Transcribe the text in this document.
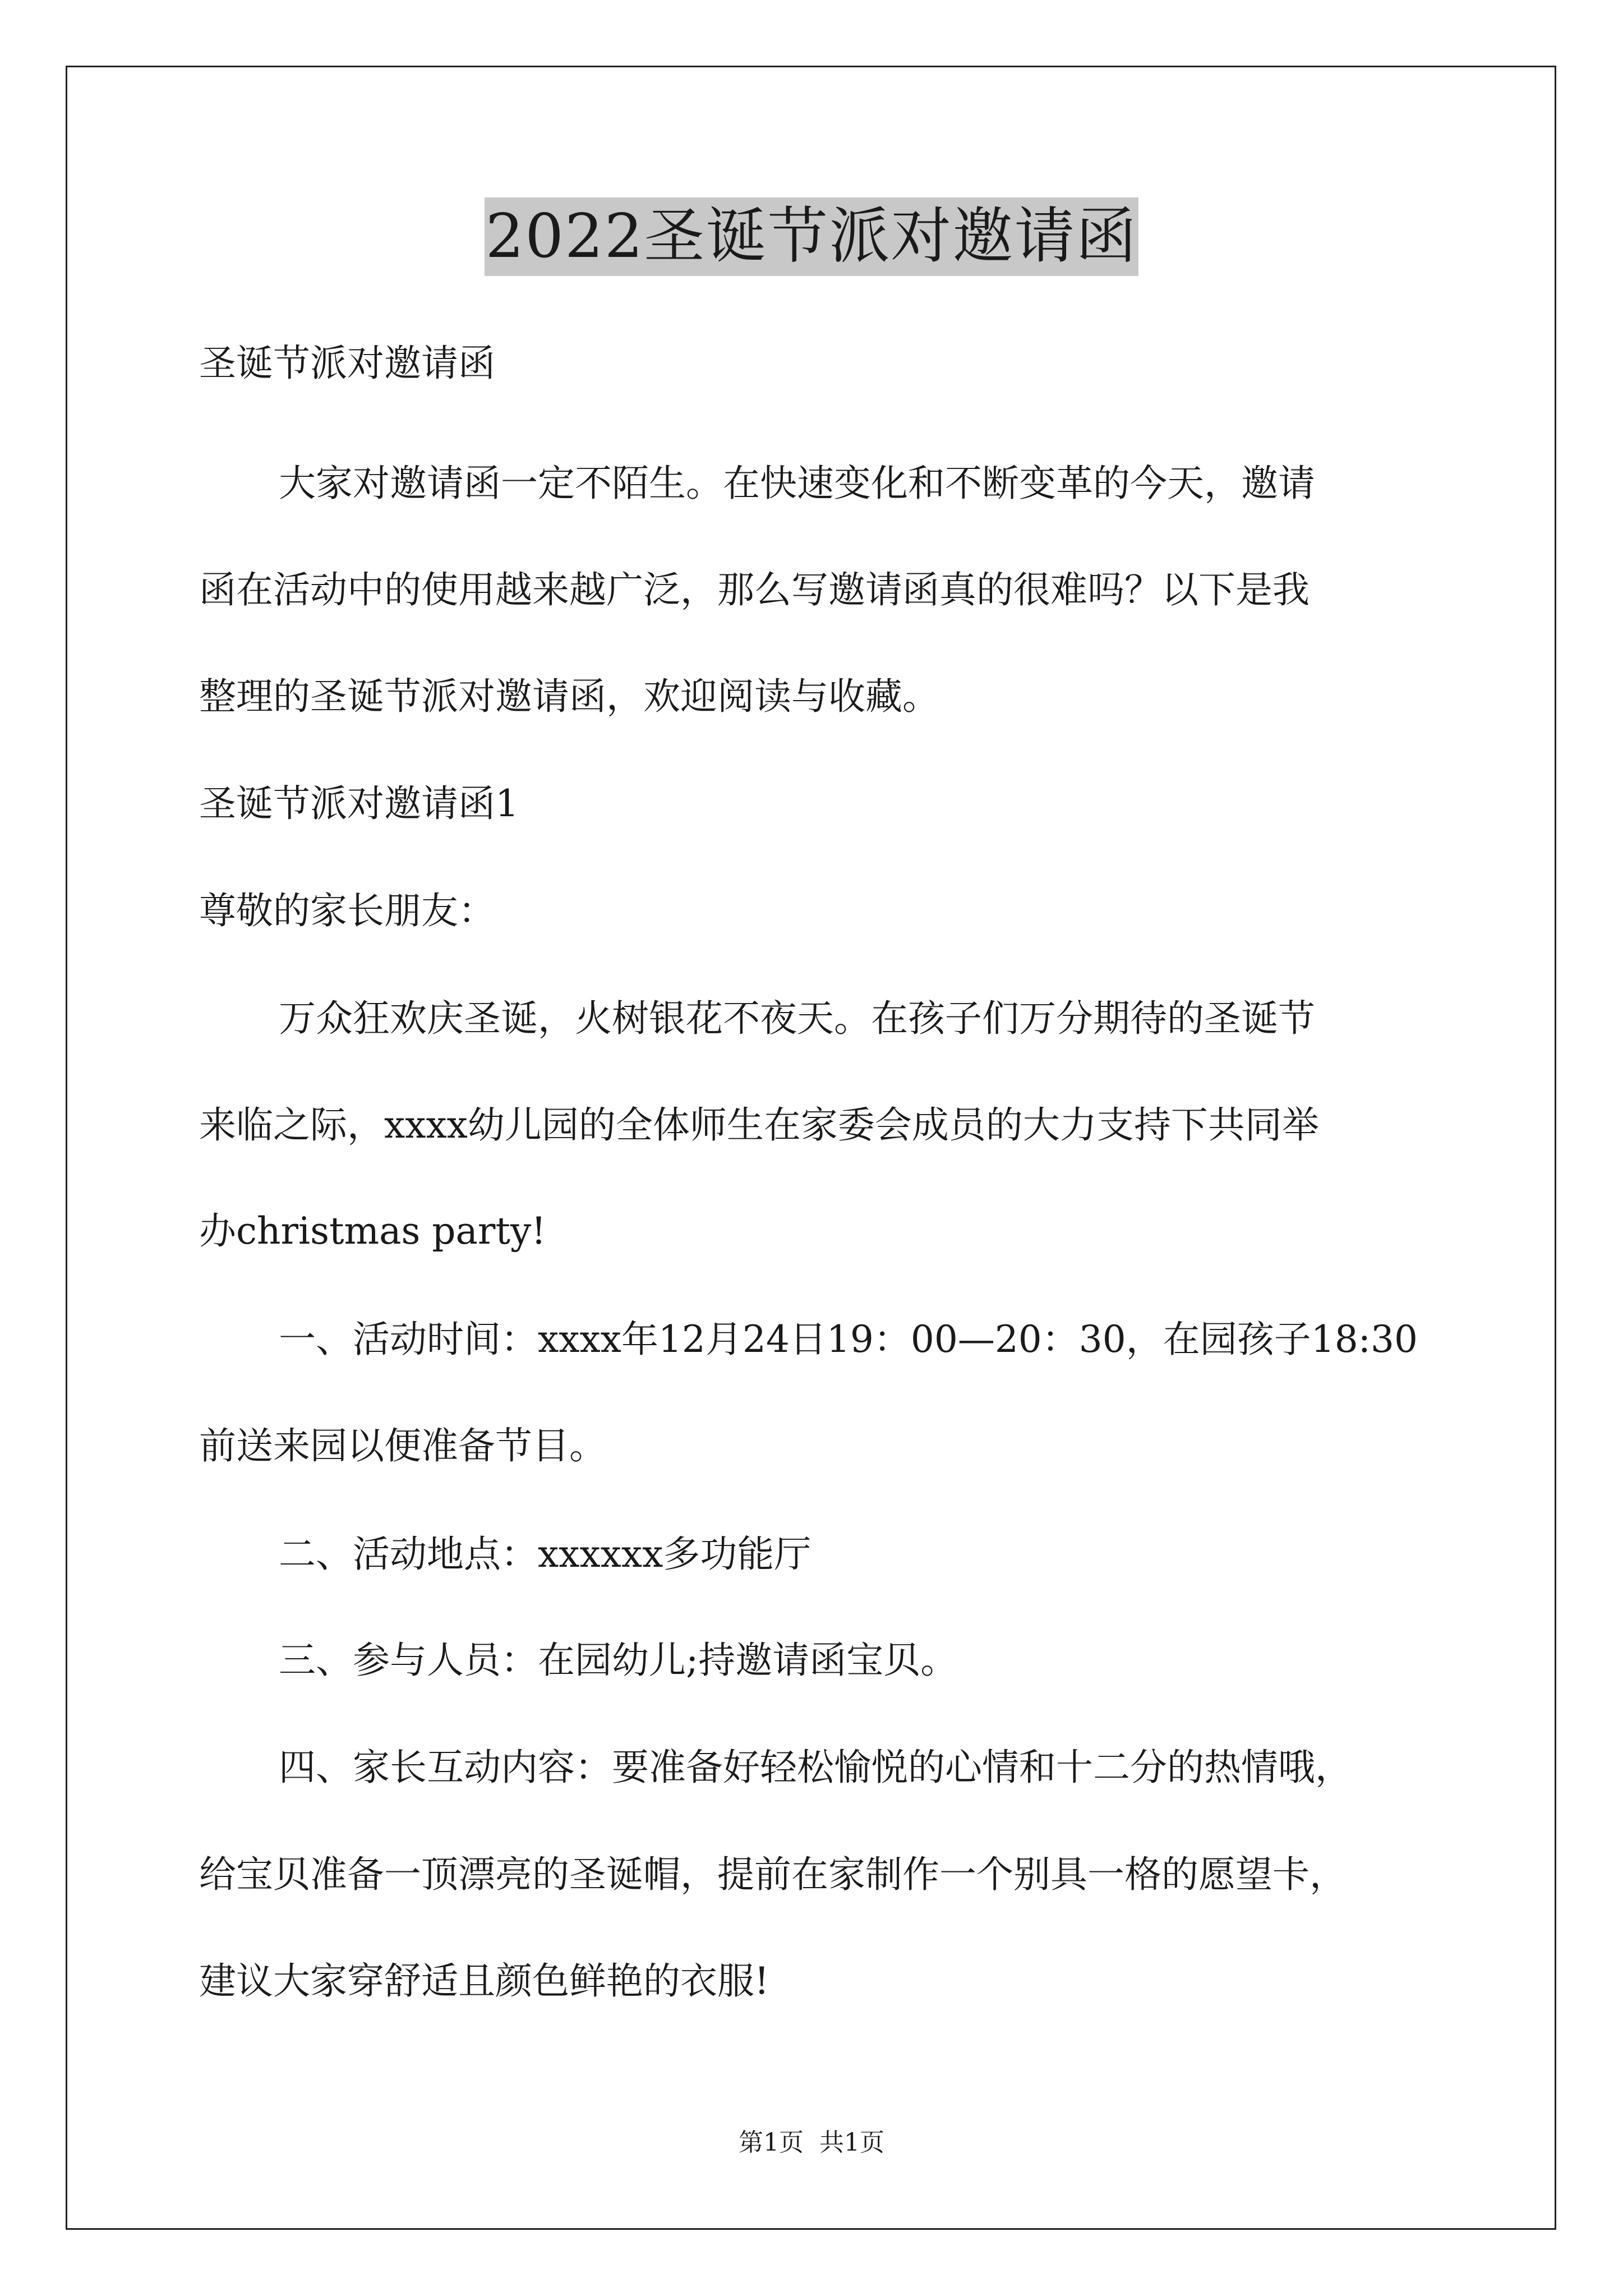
2022圣诞节派对邀请函
圣诞节派对邀请函
大家对邀请函一定不陌生。在快速变化和不断变革的今天，邀请
函在活动中的使用越来越广泛，那么写邀请函真的很难吗？以下是我
整理的圣诞节派对邀请函，欢迎阅读与收藏。
圣诞节派对邀请函1
尊敬的家长朋友：
万众狂欢庆圣诞，火树银花不夜天。在孩子们万分期待的圣诞节
来临之际，xxxx幼儿园的全体师生在家委会成员的大力支持下共同举
办christmas party!
一、活动时间：xxxx年12月24日19：00—20：30，在园孩子18:30
前送来园以便准备节目。
二、活动地点：xxxxxx多功能厅
三、参与人员：在园幼儿;持邀请函宝贝。
四、家长互动内容：要准备好轻松愉悦的心情和十二分的热情哦，
给宝贝准备一顶漂亮的圣诞帽，提前在家制作一个别具一格的愿望卡，
建议大家穿舒适且颜色鲜艳的衣服!
第1页 共1页
